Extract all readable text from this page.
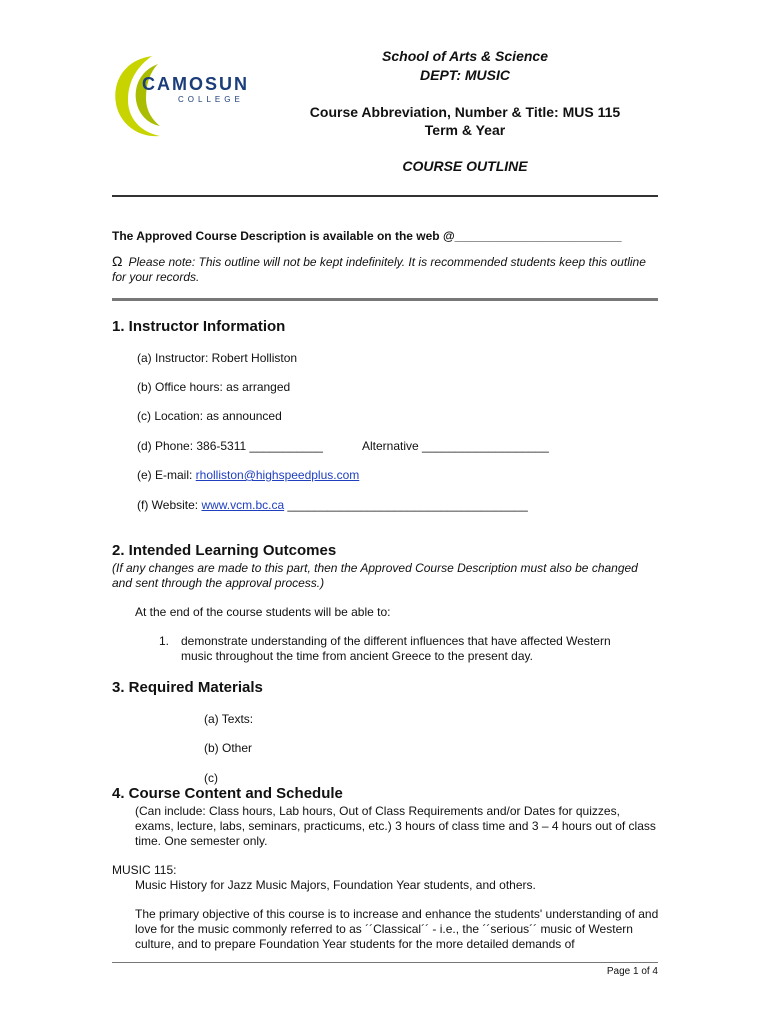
CAMOSUN
COLLEGE
School of Arts & Science
DEPT: MUSIC
Course Abbreviation, Number & Title: MUS 115
Term & Year
COURSE OUTLINE
The Approved Course Description is available on the web @_________________________
Ω Please note: This outline will not be kept indefinitely. It is recommended students keep this outline for your records.
1. Instructor Information
(a) Instructor: Robert Holliston
(b) Office hours: as arranged
(c) Location: as announced
(d) Phone: 386-5311 ___________	Alternative ___________________
(e) E-mail: rholliston@highspeedplus.com
(f) Website: www.vcm.bc.ca ____________________________________
2. Intended Learning Outcomes
(If any changes are made to this part, then the Approved Course Description must also be changed and sent through the approval process.)
At the end of the course students will be able to:
1. demonstrate understanding of the different influences that have affected Western music throughout the time from ancient Greece to the present day.
3. Required Materials
(a) Texts:
(b) Other
(c)
4. Course Content and Schedule
(Can include: Class hours, Lab hours, Out of Class Requirements and/or Dates for quizzes, exams, lecture, labs, seminars, practicums, etc.) 3 hours of class time and 3 – 4 hours out of class time. One semester only.
MUSIC 115:
Music History for Jazz Music Majors, Foundation Year students, and others.
The primary objective of this course is to increase and enhance the students' understanding of and love for the music commonly referred to as ´´Classical´´ - i.e., the ´´serious´´ music of Western culture, and to prepare Foundation Year students for the more detailed demands of
Page 1 of 4
